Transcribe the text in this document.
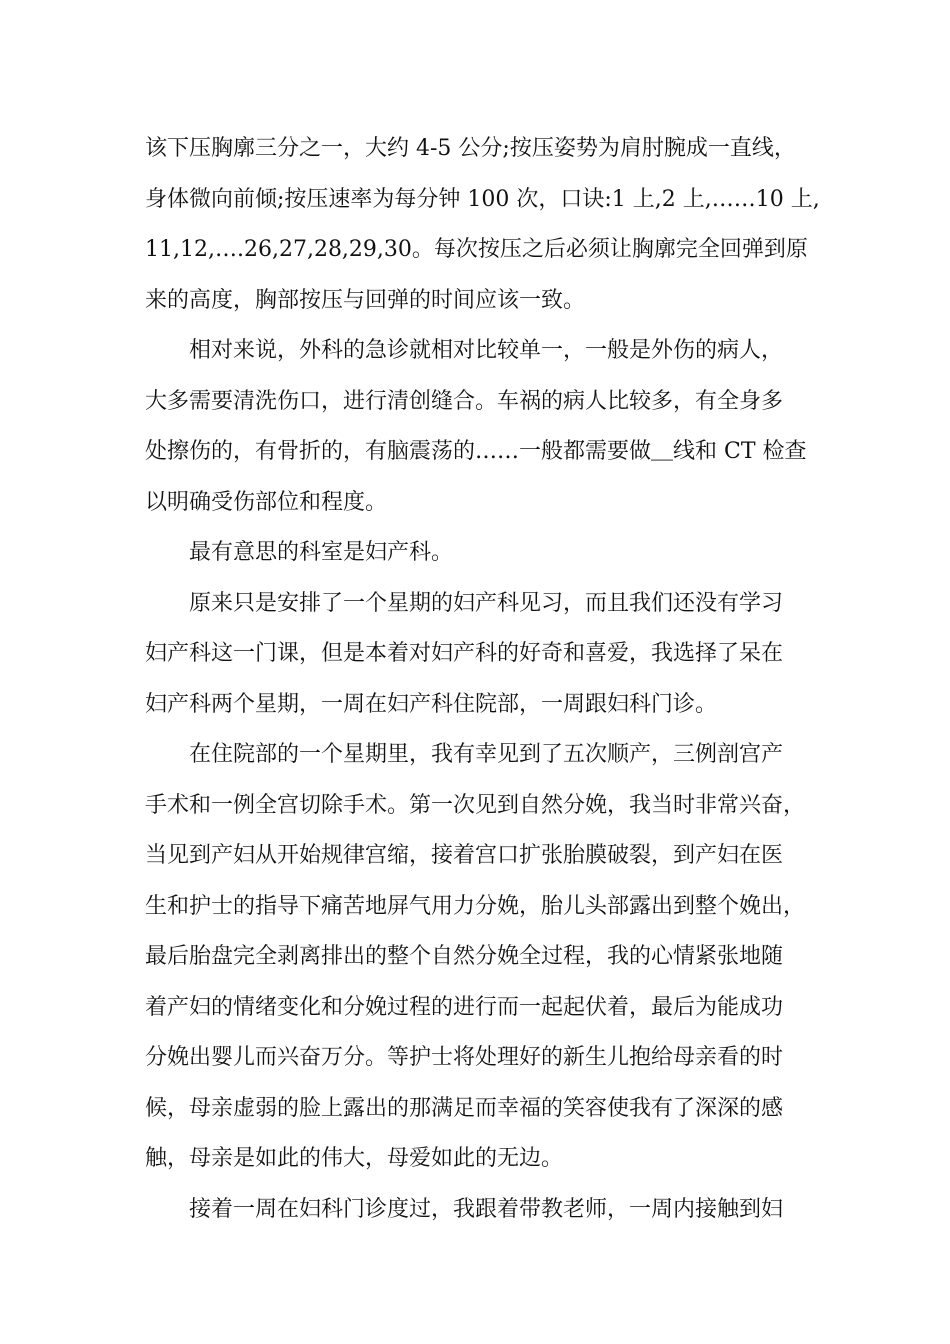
该下压胸廓三分之一，大约 4-5 公分;按压姿势为肩肘腕成一直线，

身体微向前倾;按压速率为每分钟 100 次，口诀:1 上,2 上,……10 上,

11,12,….26,27,28,29,30。每次按压之后必须让胸廓完全回弹到原

来的高度，胸部按压与回弹的时间应该一致。

相对来说，外科的急诊就相对比较单一，一般是外伤的病人，

大多需要清洗伤口，进行清创缝合。车祸的病人比较多，有全身多

处擦伤的，有骨折的，有脑震荡的……一般都需要做＿线和 CT 检查

以明确受伤部位和程度。

最有意思的科室是妇产科。

原来只是安排了一个星期的妇产科见习，而且我们还没有学习

妇产科这一门课，但是本着对妇产科的好奇和喜爱，我选择了呆在

妇产科两个星期，一周在妇产科住院部，一周跟妇科门诊。

在住院部的一个星期里，我有幸见到了五次顺产，三例剖宫产

手术和一例全宫切除手术。第一次见到自然分娩，我当时非常兴奋，

当见到产妇从开始规律宫缩，接着宫口扩张胎膜破裂，到产妇在医

生和护士的指导下痛苦地屏气用力分娩，胎儿头部露出到整个娩出，

最后胎盘完全剥离排出的整个自然分娩全过程，我的心情紧张地随

着产妇的情绪变化和分娩过程的进行而一起起伏着，最后为能成功

分娩出婴儿而兴奋万分。等护士将处理好的新生儿抱给母亲看的时

候，母亲虚弱的脸上露出的那满足而幸福的笑容使我有了深深的感

触，母亲是如此的伟大，母爱如此的无边。

接着一周在妇科门诊度过，我跟着带教老师，一周内接触到妇
